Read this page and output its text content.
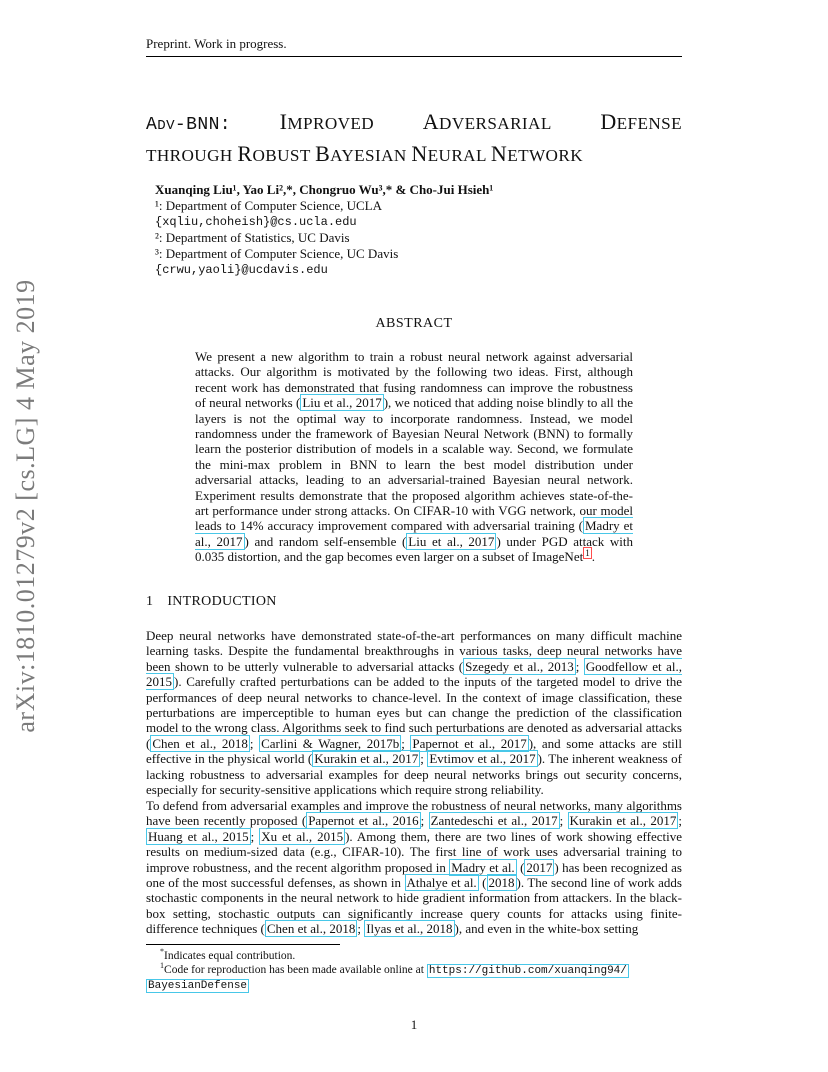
Preprint. Work in progress.
arXiv:1810.01279v2 [cs.LG] 4 May 2019
ADV-BNN: IMPROVED ADVERSARIAL DEFENSE
THROUGH ROBUST BAYESIAN NEURAL NETWORK
Xuanqing Liu¹, Yao Li²,*, Chongruo Wu³,* & Cho-Jui Hsieh¹
¹: Department of Computer Science, UCLA
{xqliu,choheish}@cs.ucla.edu
²: Department of Statistics, UC Davis
³: Department of Computer Science, UC Davis
{crwu,yaoli}@ucdavis.edu
ABSTRACT
We present a new algorithm to train a robust neural network against adversarial attacks. Our algorithm is motivated by the following two ideas. First, although recent work has demonstrated that fusing randomness can improve the robustness of neural networks ( Liu et al., 2017 ), we noticed that adding noise blindly to all the layers is not the optimal way to incorporate randomness. Instead, we model randomness under the framework of Bayesian Neural Network (BNN) to formally learn the posterior distribution of models in a scalable way. Second, we formulate the mini-max problem in BNN to learn the best model distribution under adversarial attacks, leading to an adversarial-trained Bayesian neural network. Experiment results demonstrate that the proposed algorithm achieves state-of-the-art performance under strong attacks. On CIFAR-10 with VGG network, our model leads to 14% accuracy improvement compared with adversarial training ( Madry et al., 2017 ) and random self-ensemble ( Liu et al., 2017 ) under PGD attack with 0.035 distortion, and the gap becomes even larger on a subset of ImageNet $^1$ .
1 INTRODUCTION
Deep neural networks have demonstrated state-of-the-art performances on many difficult machine learning tasks. Despite the fundamental breakthroughs in various tasks, deep neural networks have been shown to be utterly vulnerable to adversarial attacks ( Szegedy et al., 2013 ; Goodfellow et al., 2015 ). Carefully crafted perturbations can be added to the inputs of the targeted model to drive the performances of deep neural networks to chance-level. In the context of image classification, these perturbations are imperceptible to human eyes but can change the prediction of the classification model to the wrong class. Algorithms seek to find such perturbations are denoted as adversarial attacks ( Chen et al., 2018 ; Carlini & Wagner, 2017b ; Papernot et al., 2017 ), and some attacks are still effective in the physical world ( Kurakin et al., 2017 ; Evtimov et al., 2017 ). The inherent weakness of lacking robustness to adversarial examples for deep neural networks brings out security concerns, especially for security-sensitive applications which require strong reliability.
To defend from adversarial examples and improve the robustness of neural networks, many algorithms have been recently proposed ( Papernot et al., 2016 ; Zantedeschi et al., 2017 ; Kurakin et al., 2017 ; Huang et al., 2015 ; Xu et al., 2015 ). Among them, there are two lines of work showing effective results on medium-sized data (e.g., CIFAR-10). The first line of work uses adversarial training to improve robustness, and the recent algorithm proposed in Madry et al. ( 2017 ) has been recognized as one of the most successful defenses, as shown in Athalye et al. ( 2018 ). The second line of work adds stochastic components in the neural network to hide gradient information from attackers. In the black-box setting, stochastic outputs can significantly increase query counts for attacks using finite-difference techniques ( Chen et al., 2018 ; Ilyas et al., 2018 ), and even in the white-box setting
*Indicates equal contribution.
$^1$Code for reproduction has been made available online at https://github.com/xuanqing94/
BayesianDefense
1
